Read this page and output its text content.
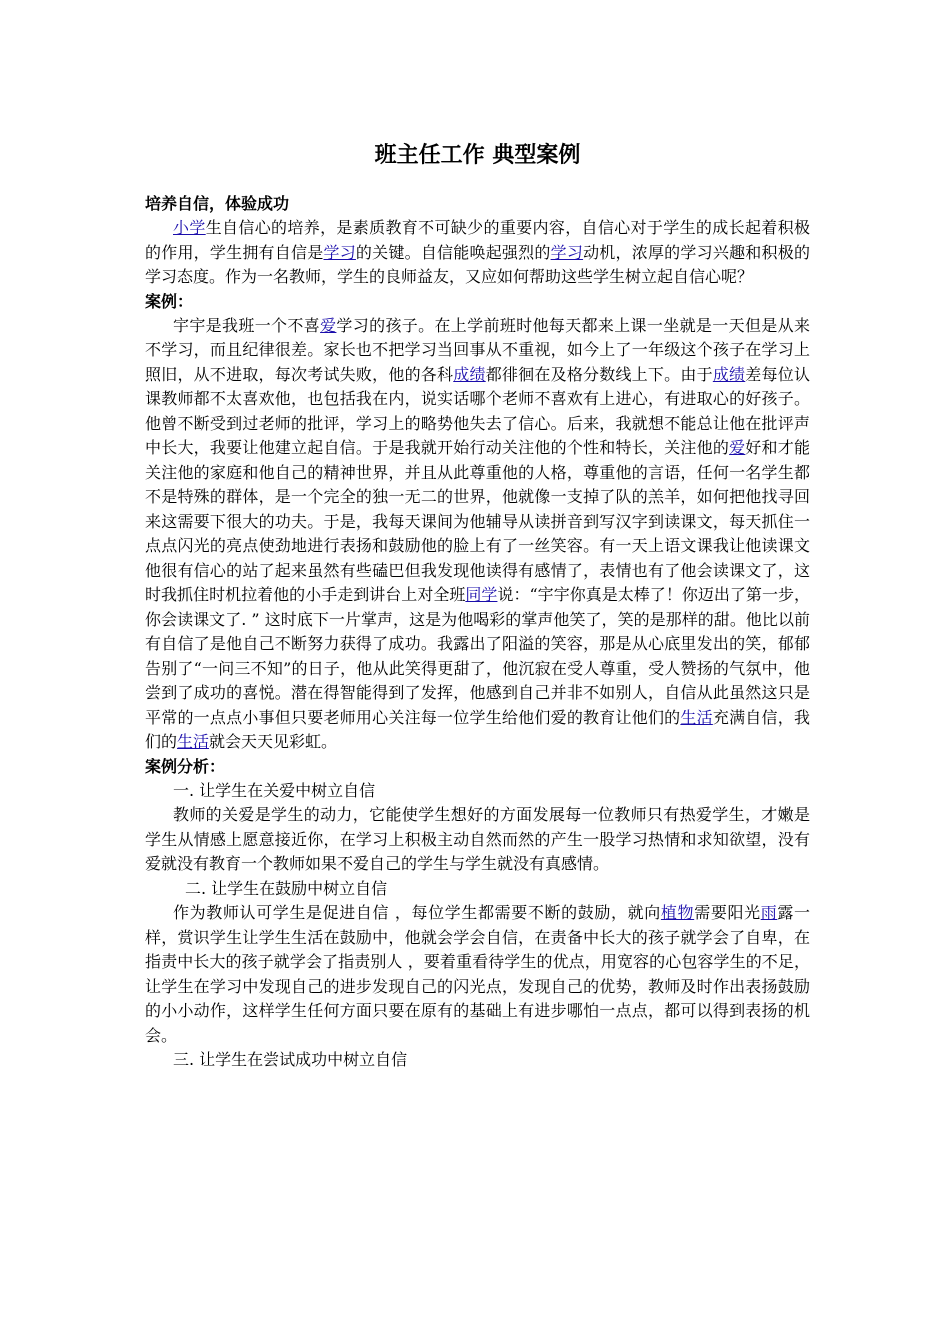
班主任工作 典型案例
培养自信，体验成功

小学生自信心的培养，是素质教育不可缺少的重要内容，自信心对于学生的成长起着积极的作用，学生拥有自信是学习的关键。自信能唤起强烈的学习动机，浓厚的学习兴趣和积极的学习态度。作为一名教师，学生的良师益友，又应如何帮助这些学生树立起自信心呢？

案例：

宇宇是我班一个不喜爱学习的孩子。在上学前班时他每天都来上课一坐就是一天但是从来不学习，而且纪律很差。家长也不把学习当回事从不重视，如今上了一年级这个孩子在学习上照旧，从不进取，每次考试失败，他的各科成绩都徘徊在及格分数线上下。由于成绩差每位认课教师都不太喜欢他，也包括我在内，说实话哪个老师不喜欢有上进心，有进取心的好孩子。他曾不断受到过老师的批评，学习上的略势他失去了信心。后来，我就想不能总让他在批评声中长大，我要让他建立起自信。于是我就开始行动关注他的个性和特长，关注他的爱好和才能关注他的家庭和他自己的精神世界，并且从此尊重他的人格，尊重他的言语，任何一名学生都不是特殊的群体，是一个完全的独一无二的世界，他就像一支掉了队的羔羊，如何把他找寻回来这需要下很大的功夫。于是，我每天课间为他辅导从读拼音到写汉字到读课文，每天抓住一点点闪光的亮点使劲地进行表扬和鼓励他的脸上有了一丝笑容。有一天上语文课我让他读课文他很有信心的站了起来虽然有些磕巴但我发现他读得有感情了，表情也有了他会读课文了，这时我抓住时机拉着他的小手走到讲台上对全班同学说：“宇宇你真是太棒了！你迈出了第一步，你会读课文了. ” 这时底下一片掌声，这是为他喝彩的掌声他笑了，笑的是那样的甜。他比以前有自信了是他自己不断努力获得了成功。我露出了阳溢的笑容，那是从心底里发出的笑，郁郁告别了“一问三不知”的日子，他从此笑得更甜了，他沉寂在受人尊重，受人赞扬的气氛中，他尝到了成功的喜悦。潜在得智能得到了发挥，他感到自己并非不如别人，自信从此虽然这只是平常的一点点小事但只要老师用心关注每一位学生给他们爱的教育让他们的生活充满自信，我们的生活就会天天见彩虹。

案例分析：

一. 让学生在关爱中树立自信

教师的关爱是学生的动力，它能使学生想好的方面发展每一位教师只有热爱学生，才嫩是学生从情感上愿意接近你，在学习上积极主动自然而然的产生一股学习热情和求知欲望，没有爱就没有教育一个教师如果不爱自己的学生与学生就没有真感情。

二. 让学生在鼓励中树立自信

作为教师认可学生是促进自信 ，每位学生都需要不断的鼓励，就向植物需要阳光雨露一样，赏识学生让学生生活在鼓励中，他就会学会自信，在责备中长大的孩子就学会了自卑，在指责中长大的孩子就学会了指责别人 ，要着重看待学生的优点，用宽容的心包容学生的不足，让学生在学习中发现自己的进步发现自己的闪光点，发现自己的优势，教师及时作出表扬鼓励 的小小动作，这样学生任何方面只要在原有的基础上有进步哪怕一点点，都可以得到表扬的机会。

三. 让学生在尝试成功中树立自信
